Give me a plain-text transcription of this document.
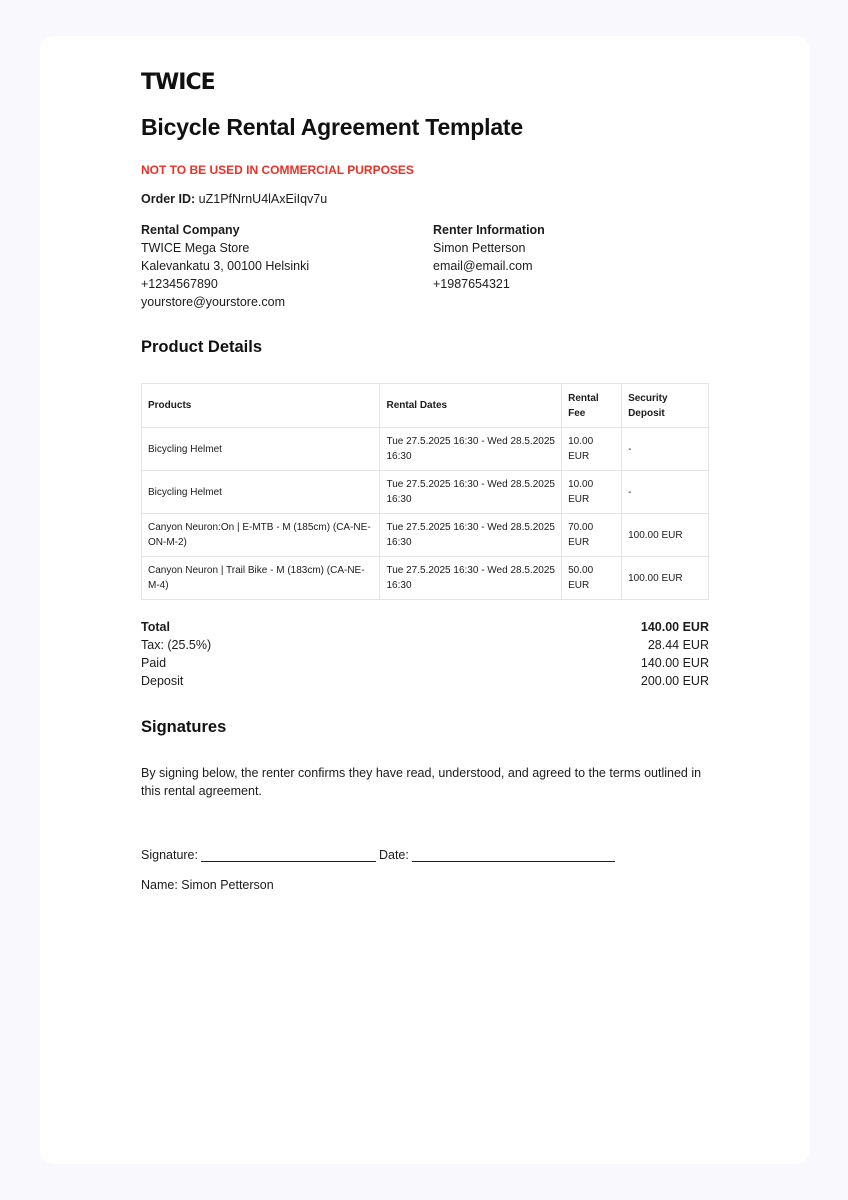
TWICE
Bicycle Rental Agreement Template
NOT TO BE USED IN COMMERCIAL PURPOSES
Order ID: uZ1PfNrnU4lAxEiIqv7u
Rental Company
TWICE Mega Store
Kalevankatu 3, 00100 Helsinki
+1234567890
yourstore@yourstore.com
Renter Information
Simon Petterson
email@email.com
+1987654321
Product Details
Products	Rental Dates	Rental Fee	Security Deposit
Bicycling Helmet	Tue 27.5.2025 16:30 - Wed 28.5.2025 16:30	10.00 EUR	-
Bicycling Helmet	Tue 27.5.2025 16:30 - Wed 28.5.2025 16:30	10.00 EUR	-
Canyon Neuron:On | E-MTB - M (185cm) (CA-NE-ON-M-2)	Tue 27.5.2025 16:30 - Wed 28.5.2025 16:30	70.00 EUR	100.00 EUR
Canyon Neuron | Trail Bike - M (183cm) (CA-NE-M-4)	Tue 27.5.2025 16:30 - Wed 28.5.2025 16:30	50.00 EUR	100.00 EUR
Total	140.00 EUR
Tax: (25.5%)	28.44 EUR
Paid	140.00 EUR
Deposit	200.00 EUR
Signatures

By signing below, the renter confirms they have read, understood, and agreed to the terms outlined in this rental agreement.

Signature:	Date:
Name: Simon Petterson
